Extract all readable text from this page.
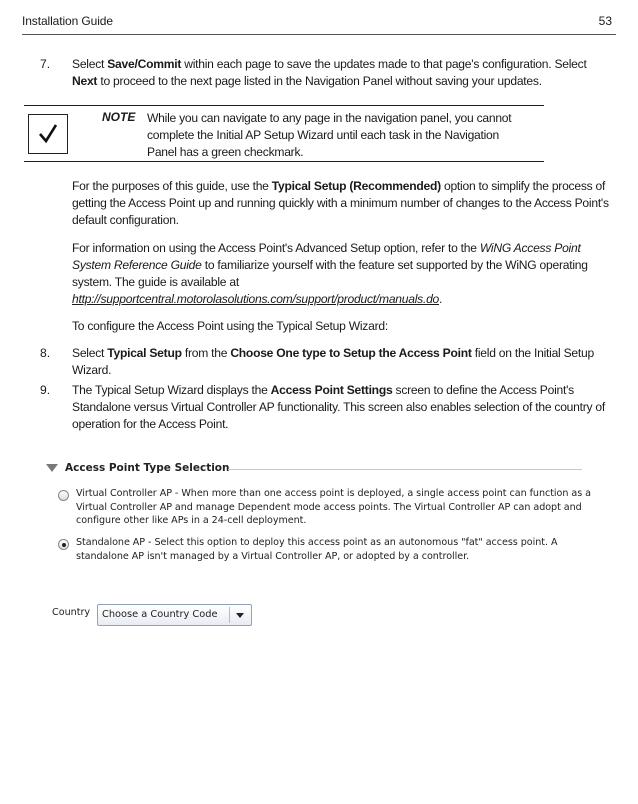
Installation Guide	53
7. Select Save/Commit within each page to save the updates made to that page's configuration. Select
Next to proceed to the next page listed in the Navigation Panel without saving your updates.
NOTE While you can navigate to any page in the navigation panel, you cannot
complete the Initial AP Setup Wizard until each task in the Navigation
Panel has a green checkmark.
For the purposes of this guide, use the Typical Setup (Recommended) option to simplify the process of getting the Access Point up and running quickly with a minimum number of changes to the Access Point's default configuration.
For information on using the Access Point's Advanced Setup option, refer to the WiNG Access Point System Reference Guide to familiarize yourself with the feature set supported by the WiNG operating system. The guide is available at
http://supportcentral.motorolasolutions.com/support/product/manuals.do.
To configure the Access Point using the Typical Setup Wizard:
8. Select Typical Setup from the Choose One type to Setup the Access Point field on the Initial Setup Wizard.
9. The Typical Setup Wizard displays the Access Point Settings screen to define the Access Point's Standalone versus Virtual Controller AP functionality. This screen also enables selection of the country of operation for the Access Point.
Access Point Type Selection
Virtual Controller AP - When more than one access point is deployed, a single access point can function as a
Virtual Controller AP and manage Dependent mode access points. The Virtual Controller AP can adopt and
configure other like APs in a 24-cell deployment.
Standalone AP - Select this option to deploy this access point as an autonomous "fat" access point. A
standalone AP isn't managed by a Virtual Controller AP, or adopted by a controller.
Country Choose a Country Code
